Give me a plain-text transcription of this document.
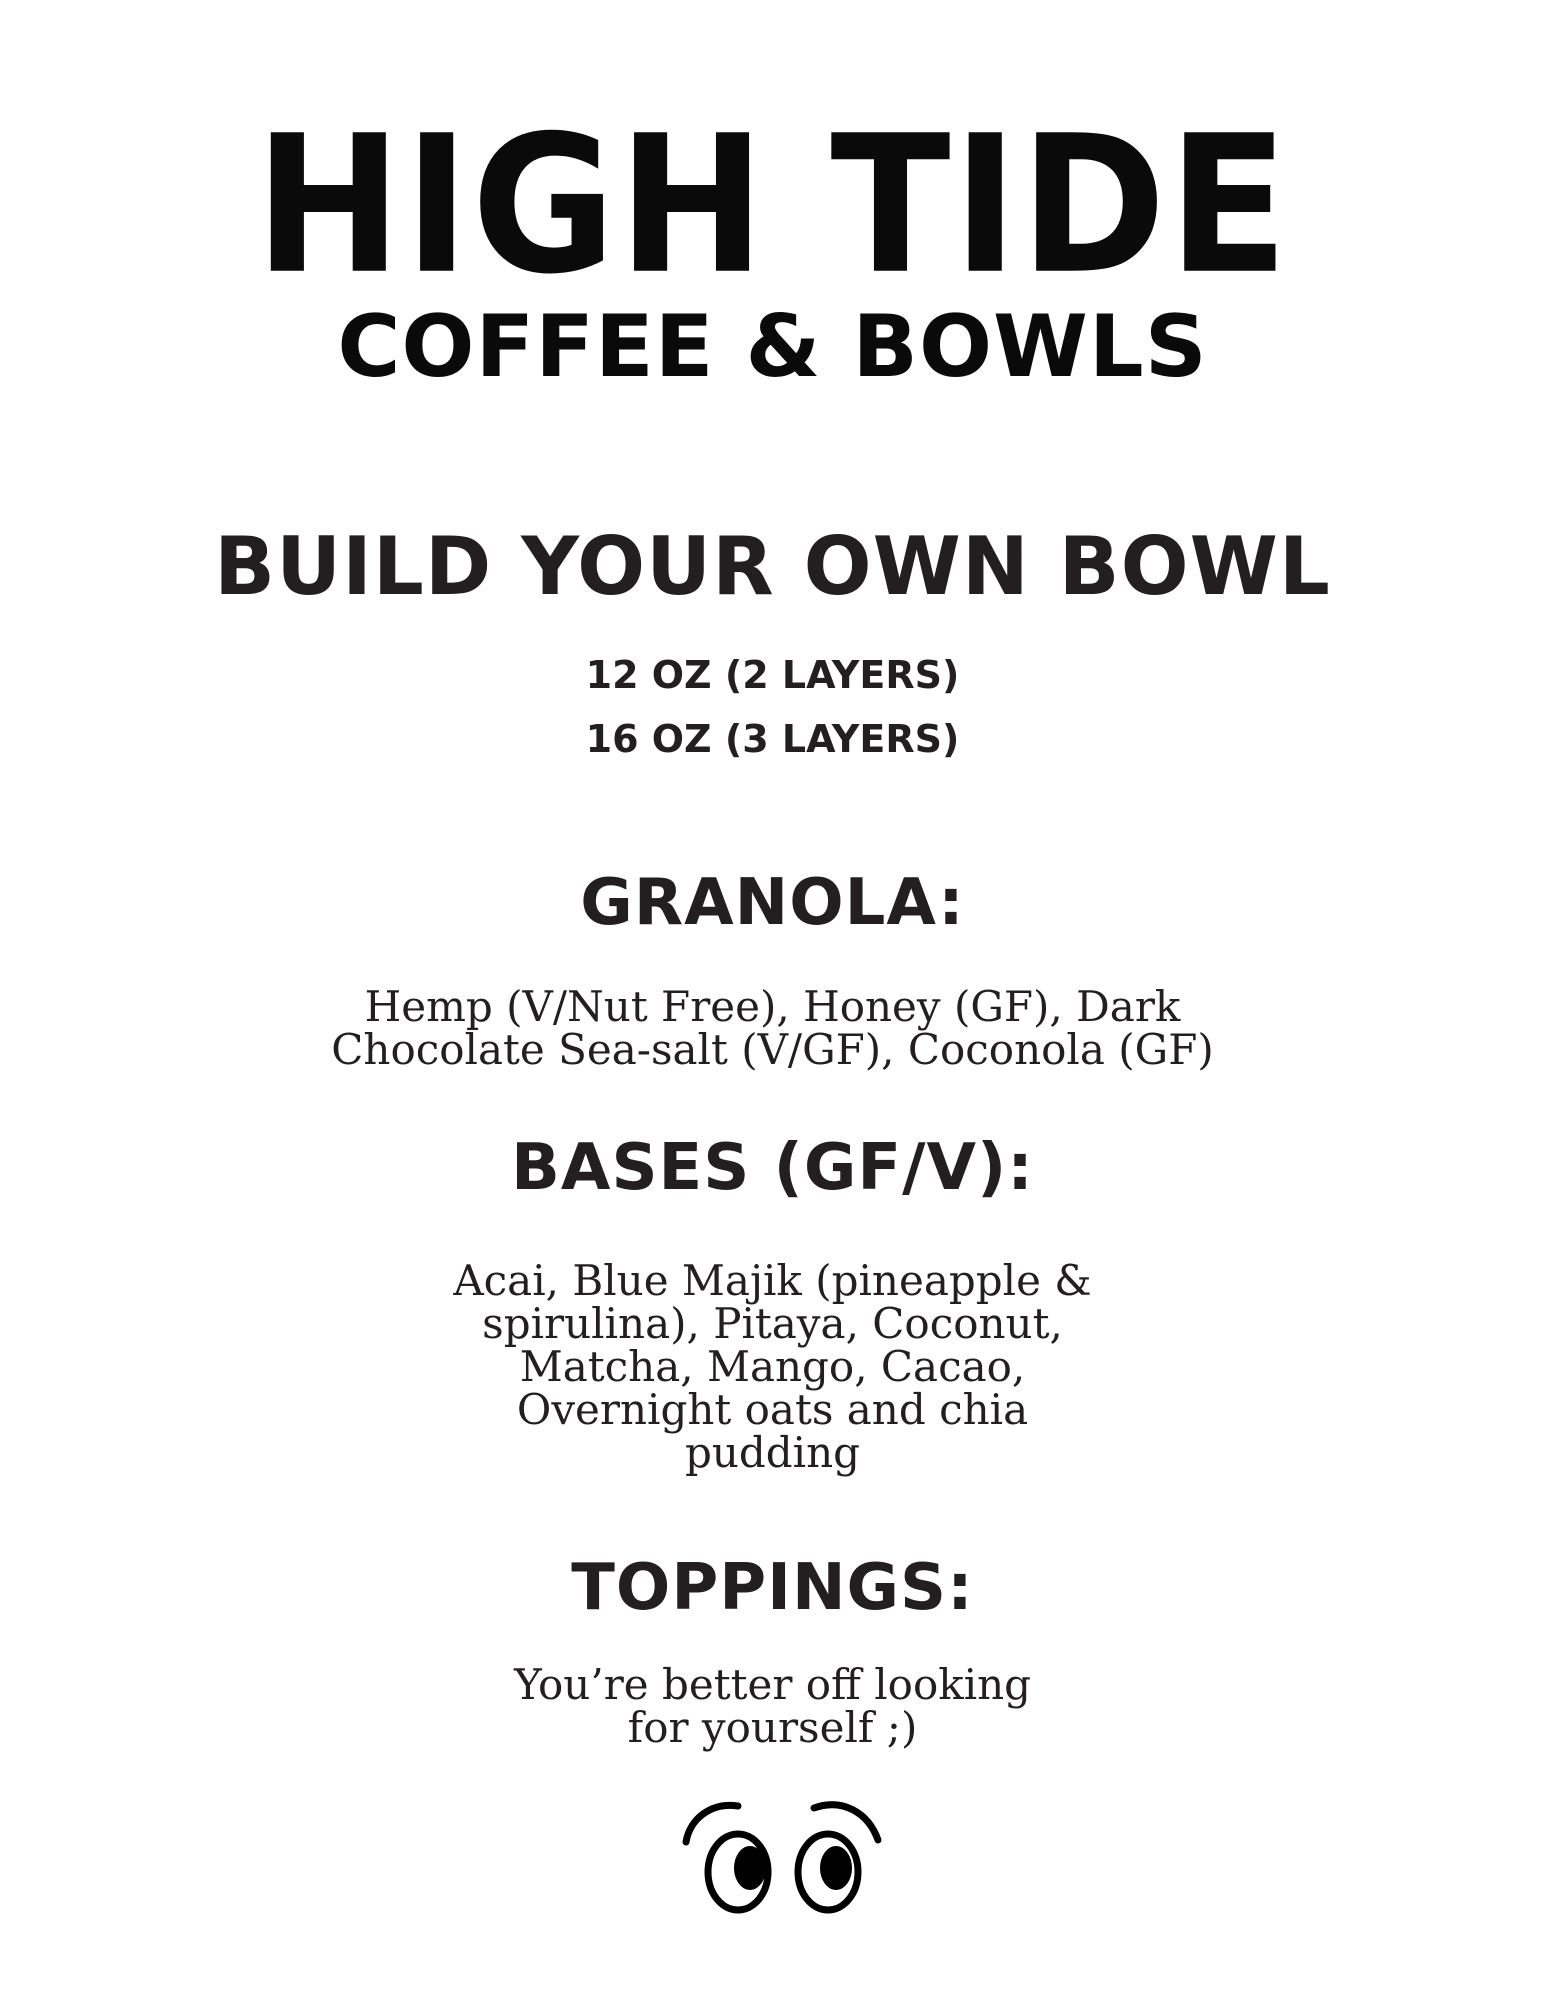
HIGH TIDE
COFFEE & BOWLS
BUILD YOUR OWN BOWL
12 OZ (2 LAYERS)
16 OZ (3 LAYERS)
GRANOLA:
Hemp (V/Nut Free), Honey (GF), Dark
Chocolate Sea-salt (V/GF), Coconola (GF)
BASES (GF/V):
Acai, Blue Majik (pineapple &
spirulina), Pitaya, Coconut,
Matcha, Mango, Cacao,
Overnight oats and chia
pudding
TOPPINGS:
You’re better off looking
for yourself ;)
